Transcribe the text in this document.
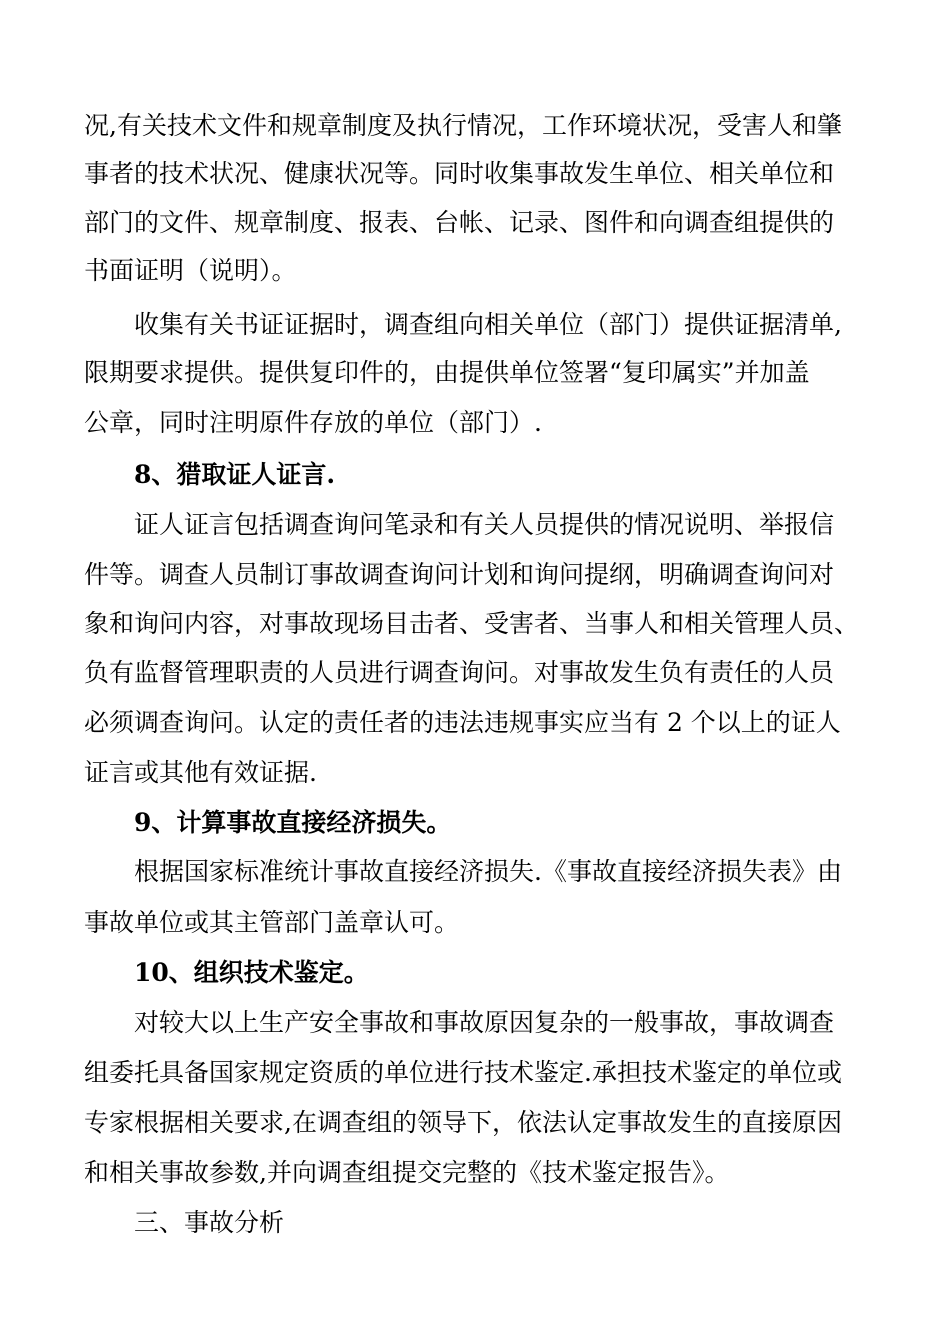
况,有关技术文件和规章制度及执行情况，工作环境状况，受害人和肇
事者的技术状况、健康状况等。同时收集事故发生单位、相关单位和
部门的文件、规章制度、报表、台帐、记录、图件和向调查组提供的
书面证明（说明）。
收集有关书证证据时，调查组向相关单位（部门）提供证据清单,
限期要求提供。提供复印件的，由提供单位签署“复印属实”并加盖
公章，同时注明原件存放的单位（部门）.
8、猎取证人证言.
证人证言包括调查询问笔录和有关人员提供的情况说明、举报信
件等。调查人员制订事故调查询问计划和询问提纲，明确调查询问对
象和询问内容，对事故现场目击者、受害者、当事人和相关管理人员、
负有监督管理职责的人员进行调查询问。对事故发生负有责任的人员
必须调查询问。认定的责任者的违法违规事实应当有 2 个以上的证人
证言或其他有效证据.
9、计算事故直接经济损失。
根据国家标准统计事故直接经济损失.《事故直接经济损失表》由
事故单位或其主管部门盖章认可。
10、组织技术鉴定。
对较大以上生产安全事故和事故原因复杂的一般事故，事故调查
组委托具备国家规定资质的单位进行技术鉴定.承担技术鉴定的单位或
专家根据相关要求,在调查组的领导下，依法认定事故发生的直接原因
和相关事故参数,并向调查组提交完整的《技术鉴定报告》。
三、事故分析
